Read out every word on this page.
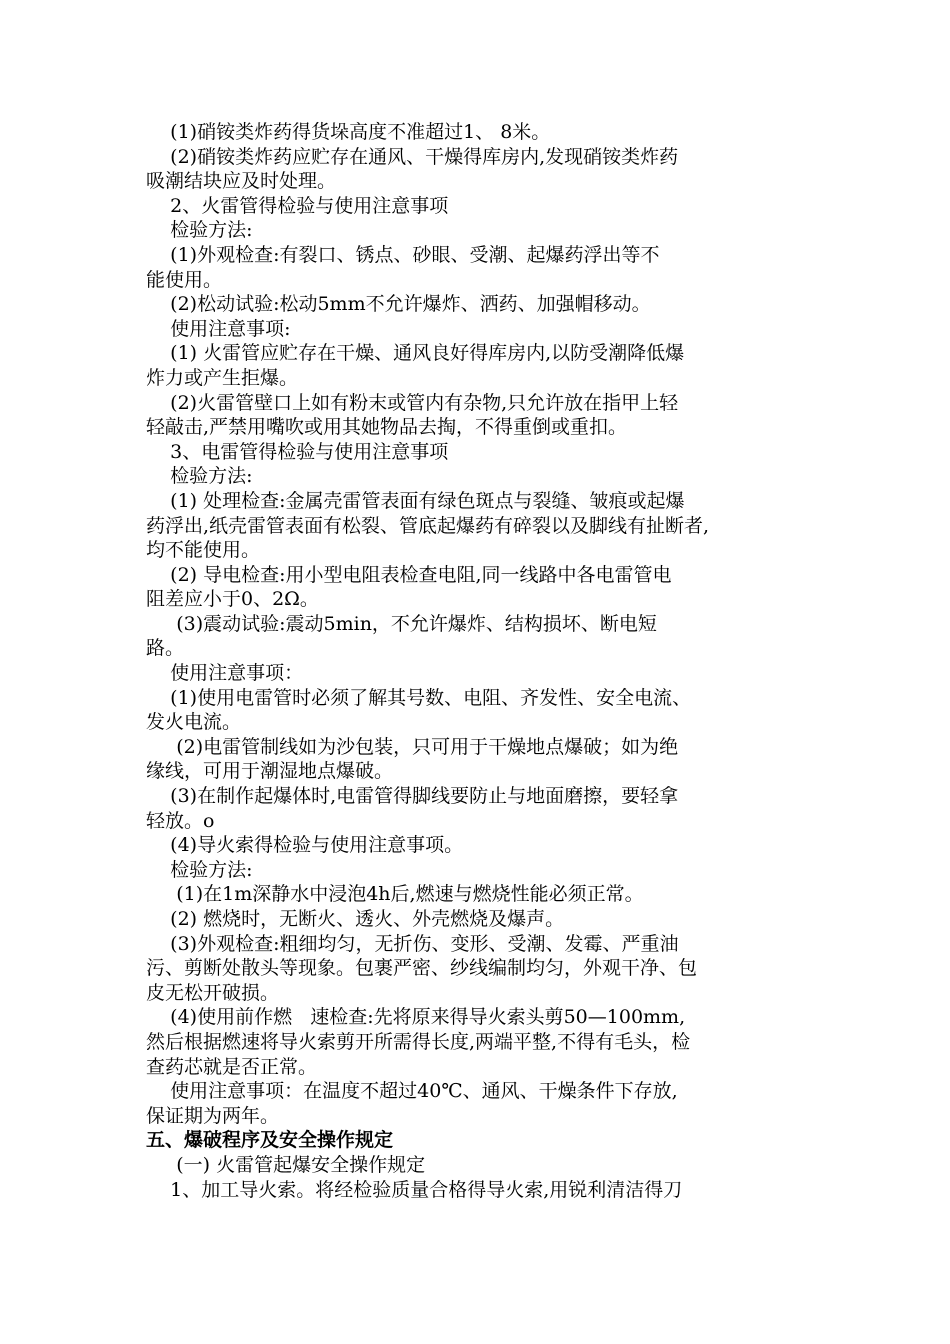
(1)硝铵类炸药得货垛高度不准超过1、 8米。
(2)硝铵类炸药应贮存在通风、干燥得库房内,发现硝铵类炸药
吸潮结块应及时处理。
2、火雷管得检验与使用注意事项
检验方法:
(1)外观检查:有裂口、锈点、砂眼、受潮、起爆药浮出等不
能使用。
(2)松动试验:松动5mm不允许爆炸、洒药、加强帽移动。
使用注意事项:
(1) 火雷管应贮存在干燥、通风良好得库房内,以防受潮降低爆
炸力或产生拒爆。
(2)火雷管壁口上如有粉末或管内有杂物,只允许放在指甲上轻
轻敲击,严禁用嘴吹或用其她物品去掏，不得重倒或重扣。
3、电雷管得检验与使用注意事项
检验方法:
(1) 处理检查:金属壳雷管表面有绿色斑点与裂缝、皱痕或起爆
药浮出,纸壳雷管表面有松裂、管底起爆药有碎裂以及脚线有扯断者,
均不能使用。
(2) 导电检查:用小型电阻表检查电阻,同一线路中各电雷管电
阻差应小于0、2Ω。
(3)震动试验:震动5min，不允许爆炸、结构损坏、断电短
路。
使用注意事项：
(1)使用电雷管时必须了解其号数、电阻、齐发性、安全电流、
发火电流。
(2)电雷管制线如为沙包装，只可用于干燥地点爆破；如为绝
缘线，可用于潮湿地点爆破。
(3)在制作起爆体时,电雷管得脚线要防止与地面磨擦，要轻拿
轻放。o
(4)导火索得检验与使用注意事项。
检验方法:
(1)在1m深静水中浸泡4h后,燃速与燃烧性能必须正常。
(2) 燃烧时，无断火、透火、外壳燃烧及爆声。
(3)外观检查:粗细均匀，无折伤、变形、受潮、发霉、严重油
污、剪断处散头等现象。包裹严密、纱线编制均匀，外观干净、包
皮无松开破损。
(4)使用前作燃   速检查:先将原来得导火索头剪50—100mm,
然后根据燃速将导火索剪开所需得长度,两端平整,不得有毛头，检
查药芯就是否正常。
使用注意事项：在温度不超过40℃、通风、干燥条件下存放,
保证期为两年。
五、爆破程序及安全操作规定
(一) 火雷管起爆安全操作规定
1、加工导火索。将经检验质量合格得导火索,用锐利清洁得刀
